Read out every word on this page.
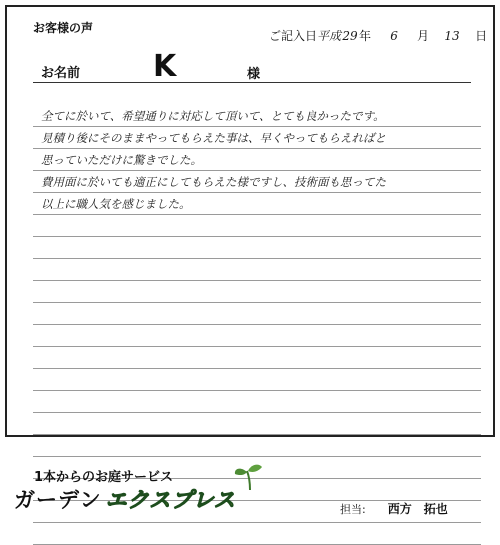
お客様の声
ご記入日平成29年 6 月 13 日
お名前 K	様
全てに於いて、希望通りに対応して頂いて、とても良かったです。
見積り後にそのままやってもらえた事は、早くやってもらえればと
思っていただけに驚きでした。
費用面に於いても適正にしてもらえた様ですし、技術面も思ってた
以上に職人気を感じました。
1本からのお庭サービス
ガーデン エクスプレス	担当: 西方　拓也
